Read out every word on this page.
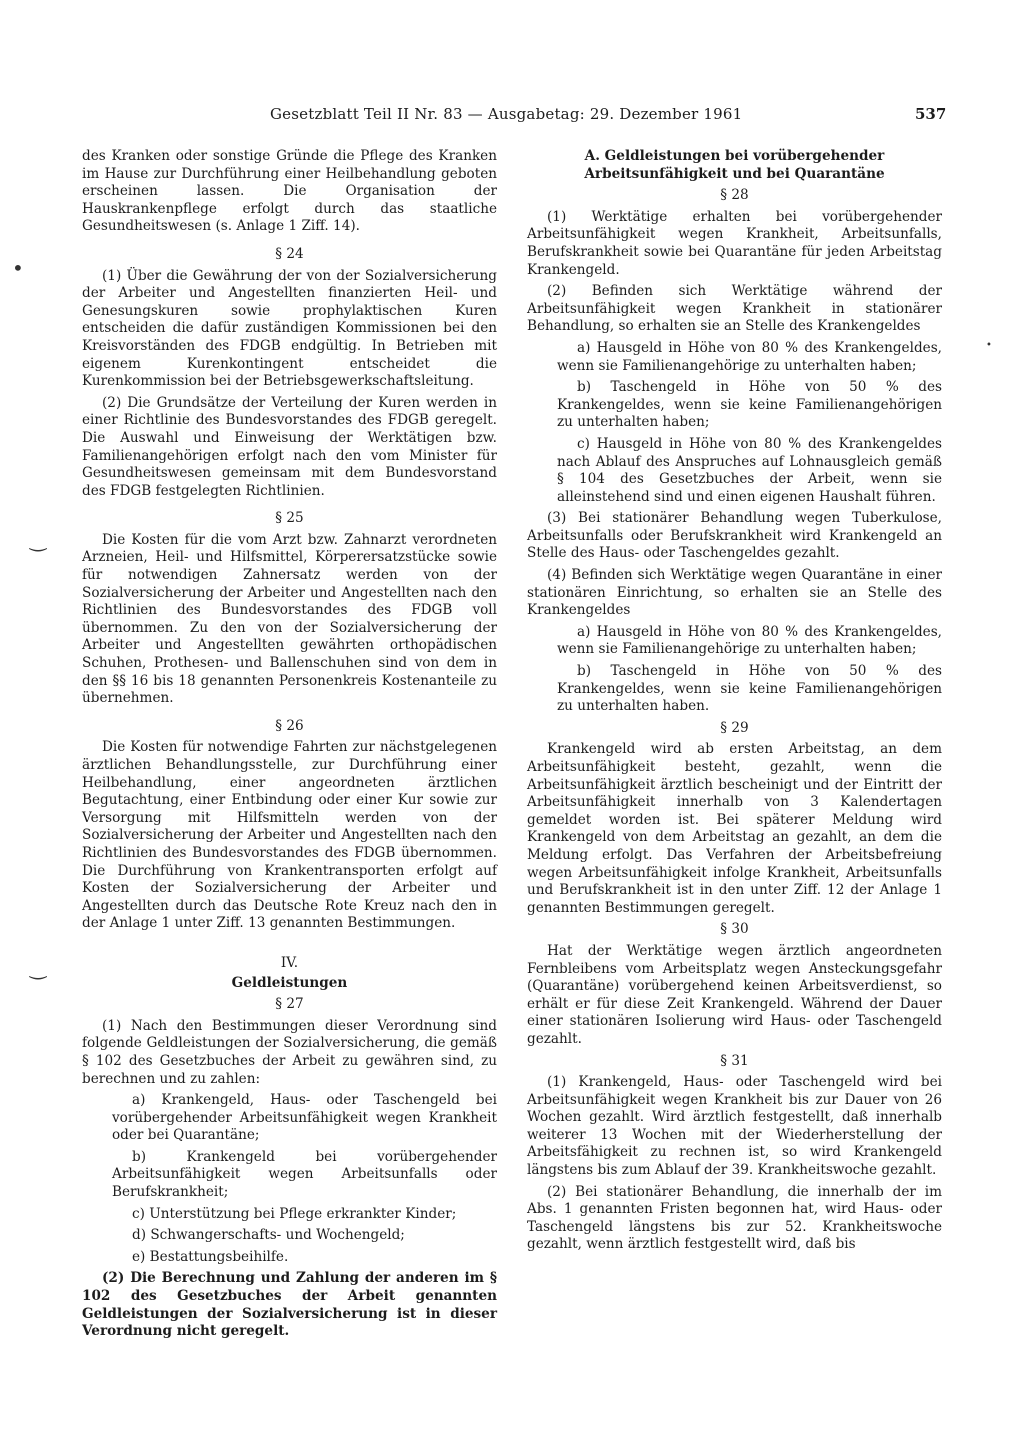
Gesetzblatt Teil II Nr. 83 — Ausgabetag: 29. Dezember 1961	537
•
‿
‿
•

des Kranken oder sonstige Gründe die Pflege des Kranken im Hause zur Durchführung einer Heilbehandlung geboten erscheinen lassen. Die Organisation der Hauskrankenpflege erfolgt durch das staatliche Gesundheitswesen (s. Anlage 1 Ziff. 14).

§ 24

(1) Über die Gewährung der von der Sozialversicherung der Arbeiter und Angestellten finanzierten Heil- und Genesungskuren sowie prophylaktischen Kuren entscheiden die dafür zuständigen Kommissionen bei den Kreisvorständen des FDGB endgültig. In Betrieben mit eigenem Kurenkontingent entscheidet die Kurenkommission bei der Betriebsgewerkschaftsleitung.

(2) Die Grundsätze der Verteilung der Kuren werden in einer Richtlinie des Bundesvorstandes des FDGB geregelt. Die Auswahl und Einweisung der Werktätigen bzw. Familienangehörigen erfolgt nach den vom Minister für Gesundheitswesen gemeinsam mit dem Bundesvorstand des FDGB festgelegten Richtlinien.

§ 25

Die Kosten für die vom Arzt bzw. Zahnarzt verordneten Arzneien, Heil- und Hilfsmittel, Körperersatzstücke sowie für notwendigen Zahnersatz werden von der Sozialversicherung der Arbeiter und Angestellten nach den Richtlinien des Bundesvorstandes des FDGB voll übernommen. Zu den von der Sozialversicherung der Arbeiter und Angestellten gewährten orthopädischen Schuhen, Prothesen- und Ballenschuhen sind von dem in den §§ 16 bis 18 genannten Personenkreis Kostenanteile zu übernehmen.

§ 26

Die Kosten für notwendige Fahrten zur nächstgelegenen ärztlichen Behandlungsstelle, zur Durchführung einer Heilbehandlung, einer angeordneten ärztlichen Begutachtung, einer Entbindung oder einer Kur sowie zur Versorgung mit Hilfsmitteln werden von der Sozialversicherung der Arbeiter und Angestellten nach den Richtlinien des Bundesvorstandes des FDGB übernommen. Die Durchführung von Krankentransporten erfolgt auf Kosten der Sozialversicherung der Arbeiter und Angestellten durch das Deutsche Rote Kreuz nach den in der Anlage 1 unter Ziff. 13 genannten Bestimmungen.

IV.
Geldleistungen
§ 27

(1) Nach den Bestimmungen dieser Verordnung sind folgende Geldleistungen der Sozialversicherung, die gemäß § 102 des Gesetzbuches der Arbeit zu gewähren sind, zu berechnen und zu zahlen:

a) Krankengeld, Haus- oder Taschengeld bei vorübergehender Arbeitsunfähigkeit wegen Krankheit oder bei Quarantäne;

b) Krankengeld bei vorübergehender Arbeitsunfähigkeit wegen Arbeitsunfalls oder Berufskrankheit;

c) Unterstützung bei Pflege erkrankter Kinder;

d) Schwangerschafts- und Wochengeld;

e) Bestattungsbeihilfe.

(2) Die Berechnung und Zahlung der anderen im § 102 des Gesetzbuches der Arbeit genannten Geldleistungen der Sozialversicherung ist in dieser Verordnung nicht geregelt.

A. Geldleistungen bei vorübergehender Arbeitsunfähigkeit und bei Quarantäne
§ 28

(1) Werktätige erhalten bei vorübergehender Arbeitsunfähigkeit wegen Krankheit, Arbeitsunfalls, Berufskrankheit sowie bei Quarantäne für jeden Arbeitstag Krankengeld.

(2) Befinden sich Werktätige während der Arbeitsunfähigkeit wegen Krankheit in stationärer Behandlung, so erhalten sie an Stelle des Krankengeldes

a) Hausgeld in Höhe von 80 % des Krankengeldes, wenn sie Familienangehörige zu unterhalten haben;

b) Taschengeld in Höhe von 50 % des Krankengeldes, wenn sie keine Familienangehörigen zu unterhalten haben;

c) Hausgeld in Höhe von 80 % des Krankengeldes nach Ablauf des Anspruches auf Lohnausgleich gemäß § 104 des Gesetzbuches der Arbeit, wenn sie alleinstehend sind und einen eigenen Haushalt führen.

(3) Bei stationärer Behandlung wegen Tuberkulose, Arbeitsunfalls oder Berufskrankheit wird Krankengeld an Stelle des Haus- oder Taschengeldes gezahlt.

(4) Befinden sich Werktätige wegen Quarantäne in einer stationären Einrichtung, so erhalten sie an Stelle des Krankengeldes

a) Hausgeld in Höhe von 80 % des Krankengeldes, wenn sie Familienangehörige zu unterhalten haben;

b) Taschengeld in Höhe von 50 % des Krankengeldes, wenn sie keine Familienangehörigen zu unterhalten haben.

§ 29

Krankengeld wird ab ersten Arbeitstag, an dem Arbeitsunfähigkeit besteht, gezahlt, wenn die Arbeitsunfähigkeit ärztlich bescheinigt und der Eintritt der Arbeitsunfähigkeit innerhalb von 3 Kalendertagen gemeldet worden ist. Bei späterer Meldung wird Krankengeld von dem Arbeitstag an gezahlt, an dem die Meldung erfolgt. Das Verfahren der Arbeitsbefreiung wegen Arbeitsunfähigkeit infolge Krankheit, Arbeitsunfalls und Berufskrankheit ist in den unter Ziff. 12 der Anlage 1 genannten Bestimmungen geregelt.

§ 30

Hat der Werktätige wegen ärztlich angeordneten Fernbleibens vom Arbeitsplatz wegen Ansteckungsgefahr (Quarantäne) vorübergehend keinen Arbeitsverdienst, so erhält er für diese Zeit Krankengeld. Während der Dauer einer stationären Isolierung wird Haus- oder Taschengeld gezahlt.

§ 31

(1) Krankengeld, Haus- oder Taschengeld wird bei Arbeitsunfähigkeit wegen Krankheit bis zur Dauer von 26 Wochen gezahlt. Wird ärztlich festgestellt, daß innerhalb weiterer 13 Wochen mit der Wiederherstellung der Arbeitsfähigkeit zu rechnen ist, so wird Krankengeld längstens bis zum Ablauf der 39. Krankheitswoche gezahlt.

(2) Bei stationärer Behandlung, die innerhalb der im Abs. 1 genannten Fristen begonnen hat, wird Haus- oder Taschengeld längstens bis zur 52. Krankheitswoche gezahlt, wenn ärztlich festgestellt wird, daß bis
